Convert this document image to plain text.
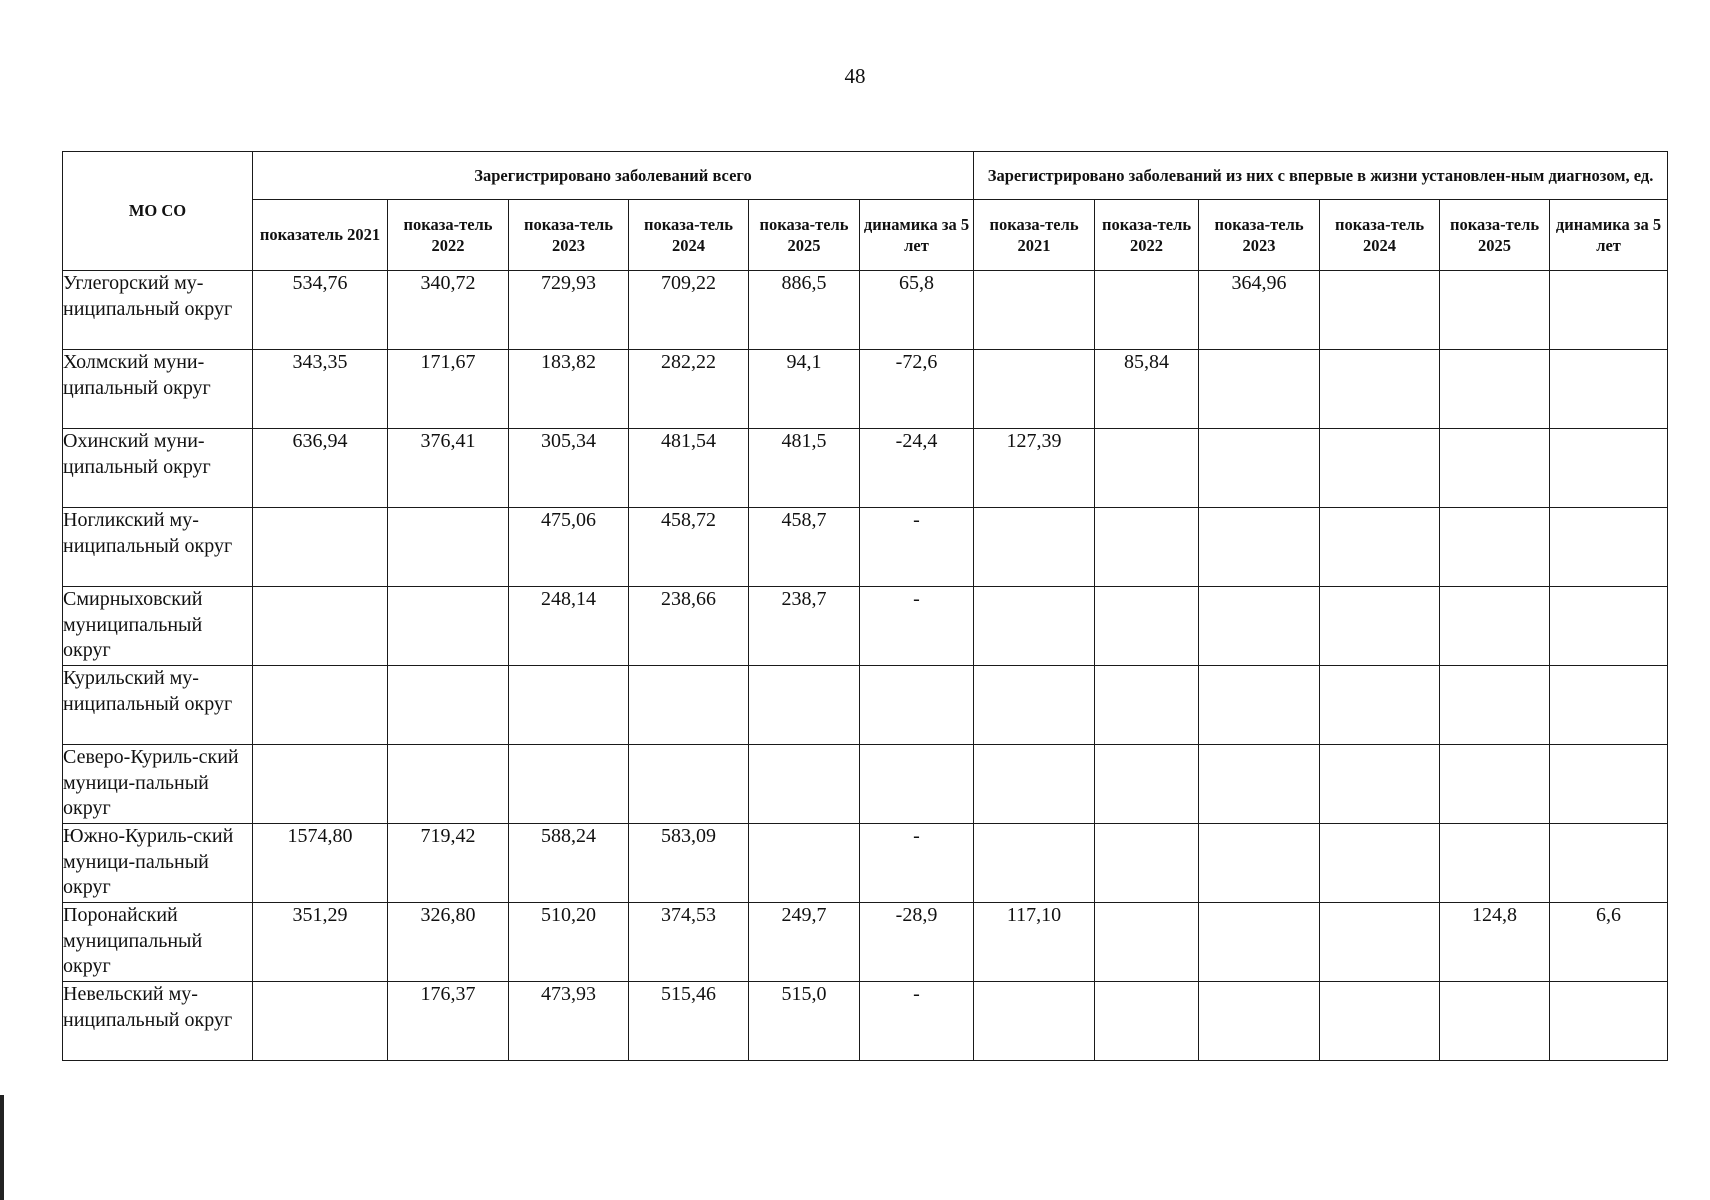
48
МО СО	Зарегистрировано заболеваний всего						Зарегистрировано заболеваний из них с впервые в жизни установлен-ным диагнозом, ед.					
	показатель 2021	показа-тель 2022	показа-тель 2023	показа-тель 2024	показа-тель 2025	динамика за 5 лет	показа-тель 2021	показа-тель 2022	показа-тель 2023	показа-тель 2024	показа-тель 2025	динамика за 5 лет
Углегорский му-ниципальный округ	534,76	340,72	729,93	709,22	886,5	65,8			364,96			
Холмский муни-ципальный округ	343,35	171,67	183,82	282,22	94,1	-72,6		85,84				
Охинский муни-ципальный округ	636,94	376,41	305,34	481,54	481,5	-24,4	127,39					
Ногликский му-ниципальный округ			475,06	458,72	458,7	-						
Смирныховский муниципальный округ			248,14	238,66	238,7	-						
Курильский му-ниципальный округ												
Северо-Куриль-ский муници-пальный округ												
Южно-Куриль-ский муници-пальный округ	1574,80	719,42	588,24	583,09		-						
Поронайский муниципальный округ	351,29	326,80	510,20	374,53	249,7	-28,9	117,10				124,8	6,6
Невельский му-ниципальный округ		176,37	473,93	515,46	515,0	-						
